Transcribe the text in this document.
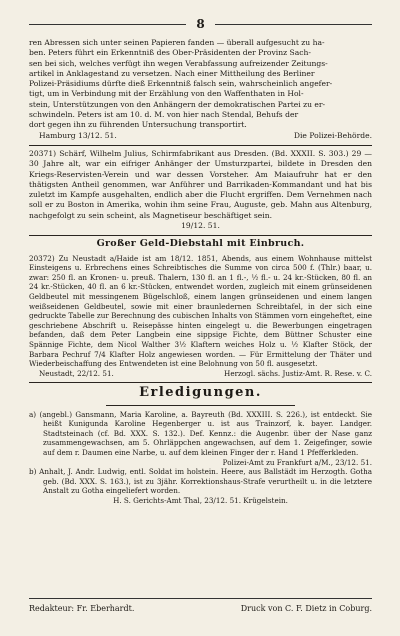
8

ren Abressen sich unter seinen Papieren fanden — überall aufgesucht zu ha-

ben. Peters führt ein Erkenntniß des Ober-Präsidenten der Provinz Sach-

sen bei sich, welches verfügt ihn wegen Verabfassung aufreizender Zeitungs-

artikel in Anklagestand zu versetzen. Nach einer Mittheilung des Berliner

Polizei-Präsidiums dürfte dieß Erkenntniß falsch sein, wahrscheinlich angefer-

tigt, um in Verbindung mit der Erzählung von den Waffenthaten in Hol-

stein, Unterstützungen von den Anhängern der demokratischen Partei zu er-

schwindeln. Peters ist am 10. d. M. von hier nach Stendal, Behufs der

dort gegen ihn zu führenden Untersuchung transportirt.

Hamburg 13/12. 51.	Die Polizei-Behörde.

20371) Schärf, Wilhelm Julius, Schirmfabrikant aus Dresden. (Bd. XXXII. S. 303.) 29 — 30 Jahre alt, war ein eifriger Anhänger der Umsturzpartei, bildete in Dresden den Kriegs-Reservisten-Verein und war dessen Vorsteher. Am Maiaufruhr hat er den thätigsten Antheil genommen, war Anführer und Barrikaden-Kommandant und hat bis zuletzt im Kampfe ausgehalten, endlich aber die Flucht ergriffen. Dem Vernehmen nach soll er zu Boston in Amerika, wohin ihm seine Frau, Auguste, geb. Mahn aus Altenburg, nachgefolgt zu sein scheint, als Magnetiseur beschäftiget sein.

19/12. 51.
Großer Geld-Diebstahl mit Einbruch.

20372) Zu Neustadt a/Haide ist am 18/12. 1851, Abends, aus einem Wohnhause mittelst Einsteigens u. Erbrechens eines Schreibtisches die Summe von circa 500 f. (Thlr.) baar, u. zwar: 250 fl. an Kronen- u. preuß. Thalern, 130 fl. an 1 fl.-, ½ fl.- u. 24 kr.-Stücken, 80 fl. an 24 kr.-Stücken, 40 fl. an 6 kr.-Stücken, entwendet worden, zugleich mit einem grünseidenen Geldbeutel mit messingenem Bügelschloß, einem langen grünseidenen und einem langen weißseidenen Geldbeutel, sowie mit einer braunledernen Schreibtafel, in der sich eine gedruckte Tabelle zur Berechnung des cubischen Inhalts von Stämmen vorn eingeheftet, eine geschriebene Abschrift u. Reisepässe hinten eingelegt u. die Bewerbungen eingetragen befanden, daß dem Peter Langbein eine sippsige Fichte, dem Büttner Schuster eine Spännige Fichte, dem Nicol Walther 3½ Klaftern weiches Holz u. ½ Klafter Stöck, der Barbara Pechruf 7/4 Klafter Holz angewiesen worden. — Für Ermittelung der Thäter und Wiederbeischaffung des Entwendeten ist eine Belohnung von 50 fl. ausgesetzt.

Neustadt, 22/12. 51.	Herzogl. sächs. Justiz-Amt. R. Rese. v. C.
Erledigungen.

a) (angebl.) Gansmann, Maria Karoline, a. Bayreuth (Bd. XXXIII. S. 226.), ist entdeckt. Sie heißt Kunigunda Karoline Hegenberger u. ist aus Trainzorf, k. bayer. Landger. Stadtsteinach (cf. Bd. XXX. S. 132.). Def. Kennz.: die Augenbr. über der Nase ganz zusammengewachsen, am 5. Ohrläppchen angewachsen, auf dem 1. Zeigefinger, sowie auf dem r. Daumen eine Narbe, u. auf dem kleinen Finger der r. Hand 1 Pfefferkleden.

Polizei-Amt zu Frankfurt a/M., 23/12. 51.

b) Anhalt, J. Andr. Ludwig, entl. Soldat im holstein. Heere, aus Ballstädt im Herzogth. Gotha geb. (Bd. XXX. S. 163.), ist zu 3jähr. Korrektionshaus-Strafe verurtheilt u. in die letztere Anstalt zu Gotha eingeliefert worden.

H. S. Gerichts-Amt Thal, 23/12. 51. Krügelstein.
Redakteur: Fr. Eberhardt.	Druck von C. F. Dietz in Coburg.
